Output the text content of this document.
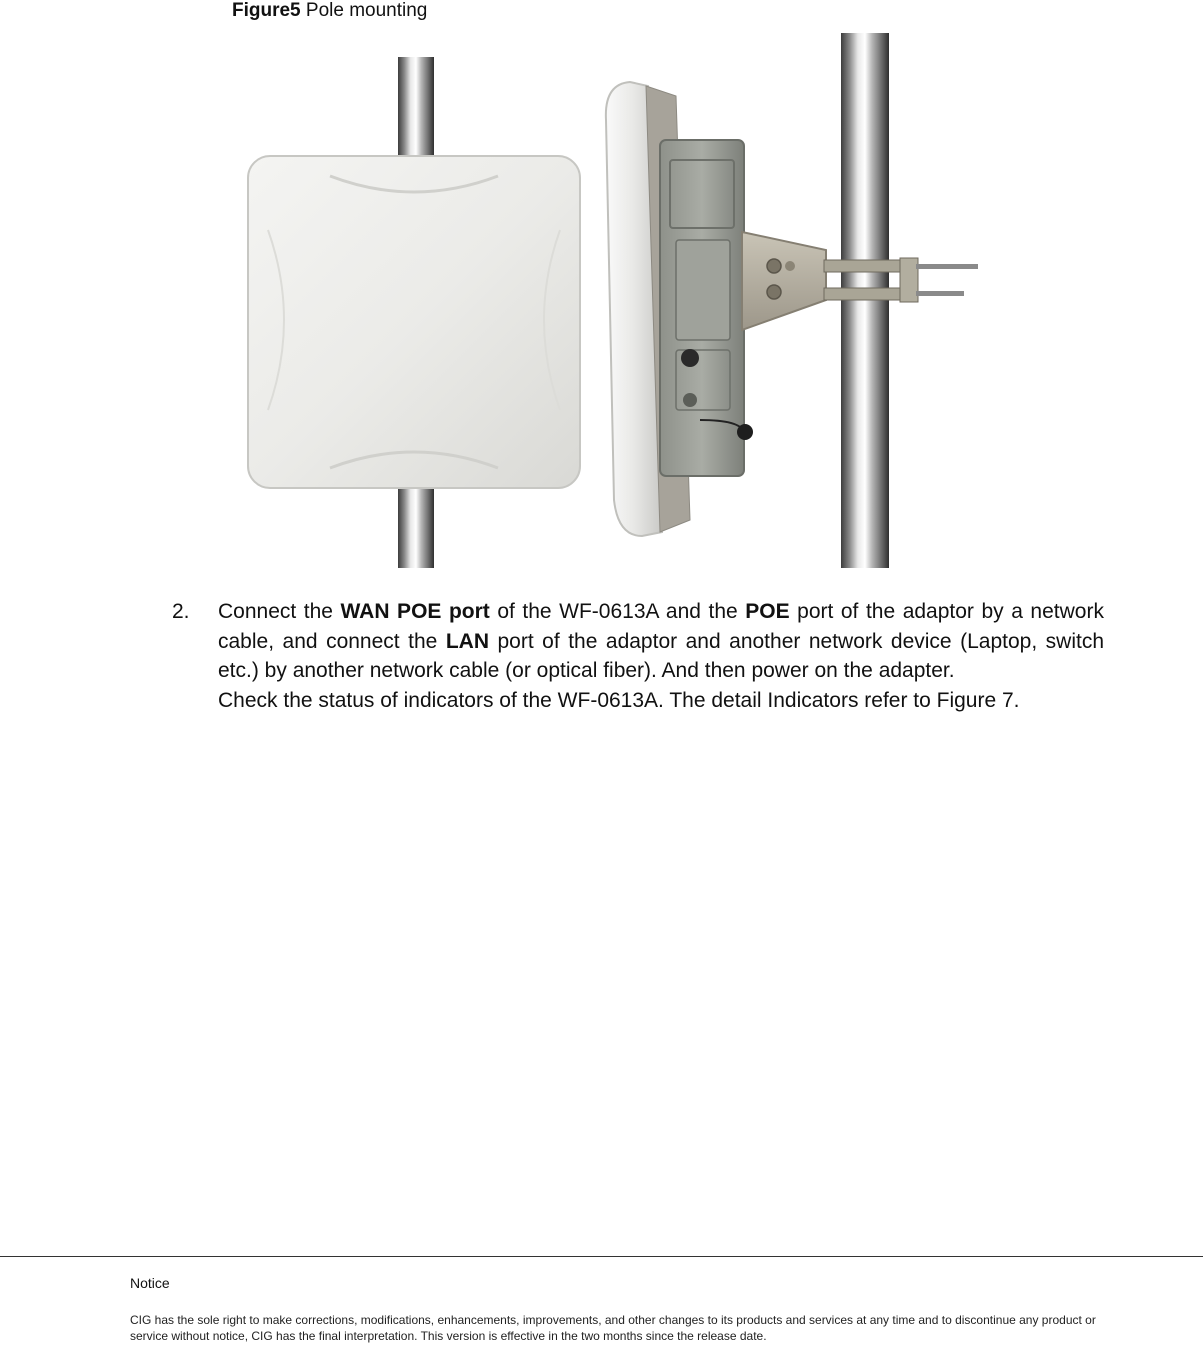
Figure5 Pole mounting
2. Connect the WAN POE port of the WF-0613A and the POE port of the adaptor by a network cable, and connect the LAN port of the adaptor and another network device (Laptop, switch etc.) by another network cable (or optical fiber). And then power on the adapter.

Check the status of indicators of the WF-0613A. The detail Indicators refer to Figure 7.

Notice
CIG has the sole right to make corrections, modifications, enhancements, improvements, and other changes to its products and services at any time and to discontinue any product or service without notice, CIG has the final interpretation. This version is effective in the two months since the release date.
